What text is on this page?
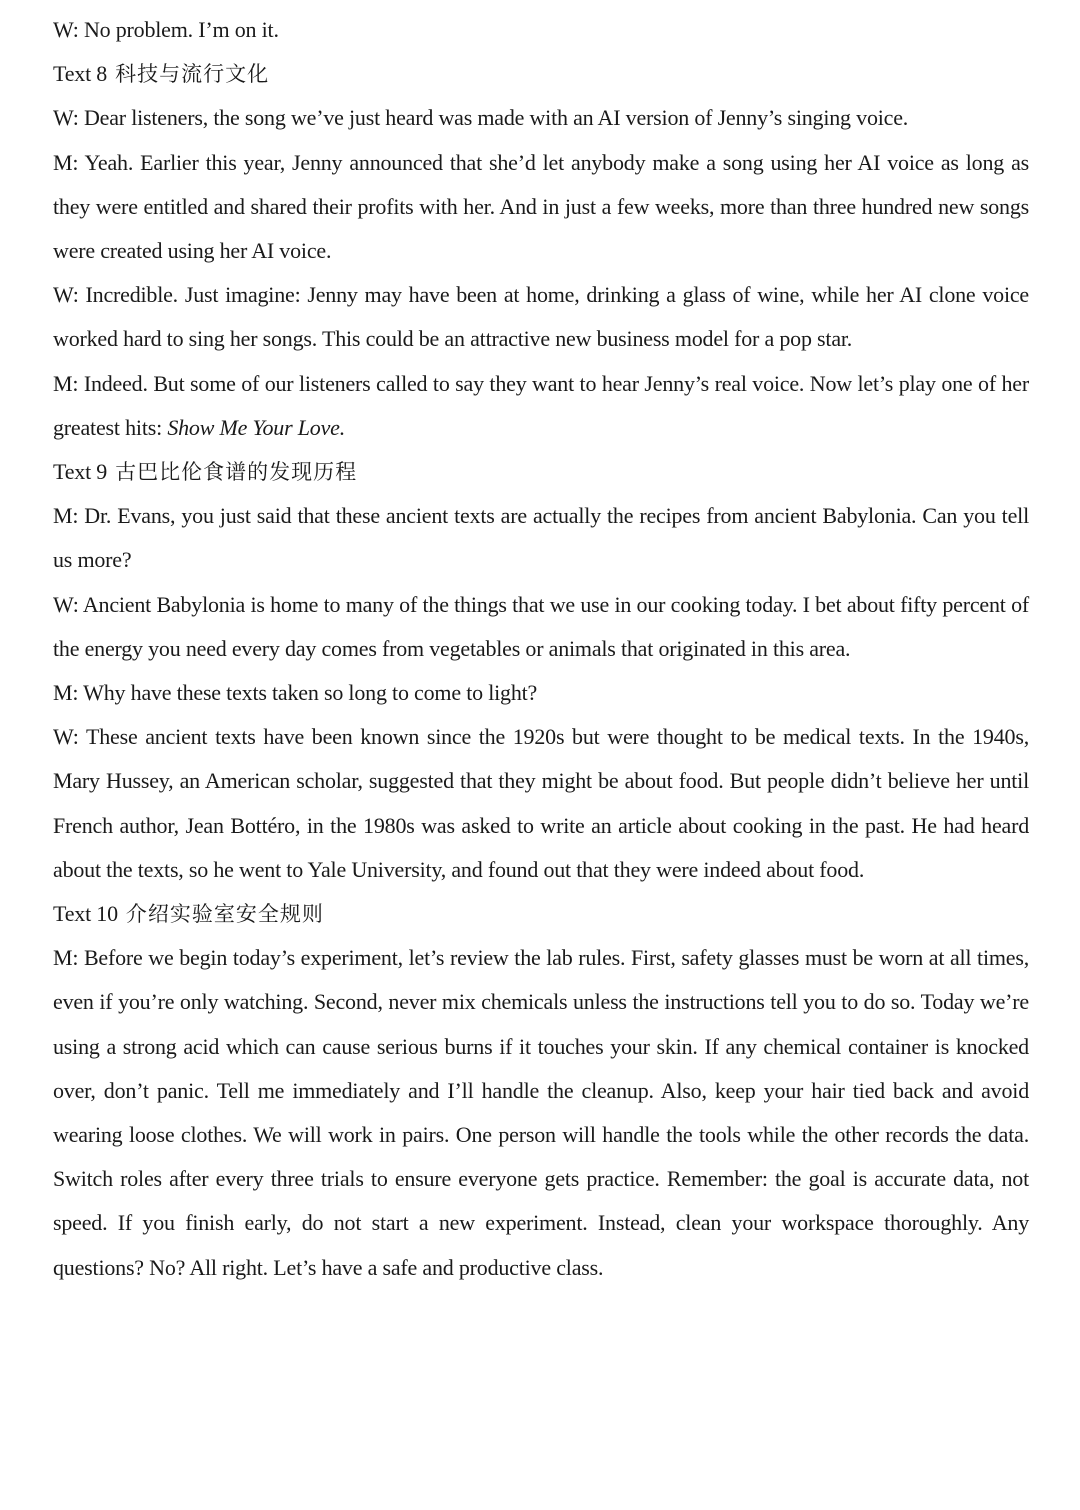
W: No problem. I’m on it.

Text 8 科技与流行文化

W: Dear listeners, the song we’ve just heard was made with an AI version of Jenny’s singing voice.

M: Yeah. Earlier this year, Jenny announced that she’d let anybody make a song using her AI voice as long as they were entitled and shared their profits with her. And in just a few weeks, more than three hundred new songs were created using her AI voice.

W: Incredible. Just imagine: Jenny may have been at home, drinking a glass of wine, while her AI clone voice worked hard to sing her songs. This could be an attractive new business model for a pop star.

M: Indeed. But some of our listeners called to say they want to hear Jenny’s real voice. Now let’s play one of her greatest hits: Show Me Your Love.

Text 9 古巴比伦食谱的发现历程

M: Dr. Evans, you just said that these ancient texts are actually the recipes from ancient Babylonia. Can you tell us more?

W: Ancient Babylonia is home to many of the things that we use in our cooking today. I bet about fifty percent of the energy you need every day comes from vegetables or animals that originated in this area.

M: Why have these texts taken so long to come to light?

W: These ancient texts have been known since the 1920s but were thought to be medical texts. In the 1940s, Mary Hussey, an American scholar, suggested that they might be about food. But people didn’t believe her until French author, Jean Bottéro, in the 1980s was asked to write an article about cooking in the past. He had heard about the texts, so he went to Yale University, and found out that they were indeed about food.

Text 10 介绍实验室安全规则

M: Before we begin today’s experiment, let’s review the lab rules. First, safety glasses must be worn at all times, even if you’re only watching. Second, never mix chemicals unless the instructions tell you to do so. Today we’re using a strong acid which can cause serious burns if it touches your skin. If any chemical container is knocked over, don’t panic. Tell me immediately and I’ll handle the cleanup. Also, keep your hair tied back and avoid wearing loose clothes. We will work in pairs. One person will handle the tools while the other records the data. Switch roles after every three trials to ensure everyone gets practice. Remember: the goal is accurate data, not speed. If you finish early, do not start a new experiment. Instead, clean your workspace thoroughly. Any questions? No? All right. Let’s have a safe and productive class.
